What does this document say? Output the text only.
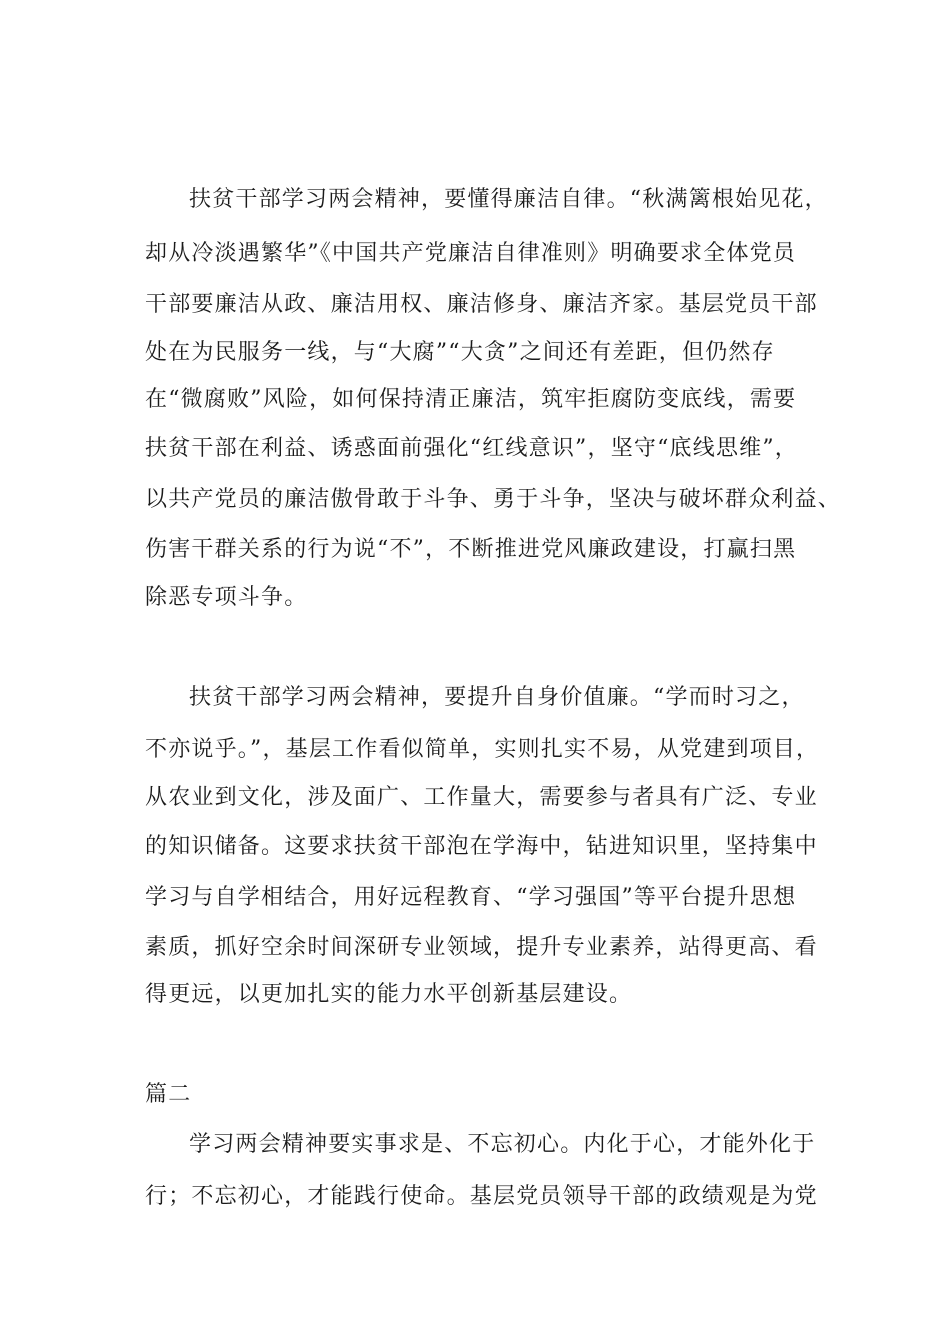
扶贫干部学习两会精神，要懂得廉洁自律。“秋满篱根始见花，
却从冷淡遇繁华”《中国共产党廉洁自律准则》明确要求全体党员
干部要廉洁从政、廉洁用权、廉洁修身、廉洁齐家。基层党员干部
处在为民服务一线，与“大腐”“大贪”之间还有差距，但仍然存
在“微腐败”风险，如何保持清正廉洁，筑牢拒腐防变底线，需要
扶贫干部在利益、诱惑面前强化“红线意识”，坚守“底线思维”，
以共产党员的廉洁傲骨敢于斗争、勇于斗争，坚决与破坏群众利益、
伤害干群关系的行为说“不”，不断推进党风廉政建设，打赢扫黑
除恶专项斗争。
扶贫干部学习两会精神，要提升自身价值廉。“学而时习之，
不亦说乎。”，基层工作看似简单，实则扎实不易，从党建到项目，
从农业到文化，涉及面广、工作量大，需要参与者具有广泛、专业
的知识储备。这要求扶贫干部泡在学海中，钻进知识里，坚持集中
学习与自学相结合，用好远程教育、“学习强国”等平台提升思想
素质，抓好空余时间深研专业领域，提升专业素养，站得更高、看
得更远，以更加扎实的能力水平创新基层建设。
篇二
学习两会精神要实事求是、不忘初心。内化于心，才能外化于
行；不忘初心，才能践行使命。基层党员领导干部的政绩观是为党
